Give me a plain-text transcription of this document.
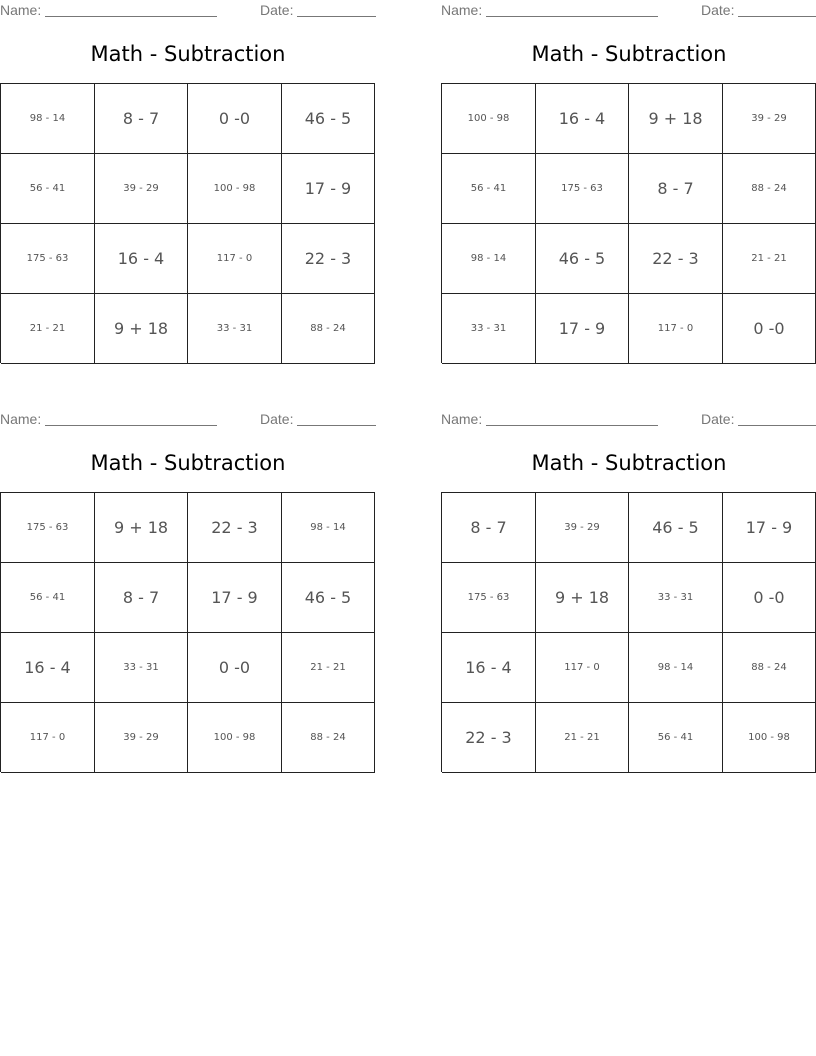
Name:	Date:
Math - Subtraction
98 - 14	8 - 7	0 -0	46 - 5
56 - 41	39 - 29	100 - 98	17 - 9
175 - 63	16 - 4	117 - 0	22 - 3
21 - 21	9 + 18	33 - 31	88 - 24
Name:	Date:
Math - Subtraction
100 - 98	16 - 4	9 + 18	39 - 29
56 - 41	175 - 63	8 - 7	88 - 24
98 - 14	46 - 5	22 - 3	21 - 21
33 - 31	17 - 9	117 - 0	0 -0
Name:	Date:
Math - Subtraction
175 - 63	9 + 18	22 - 3	98 - 14
56 - 41	8 - 7	17 - 9	46 - 5
16 - 4	33 - 31	0 -0	21 - 21
117 - 0	39 - 29	100 - 98	88 - 24
Name:	Date:
Math - Subtraction
8 - 7	39 - 29	46 - 5	17 - 9
175 - 63	9 + 18	33 - 31	0 -0
16 - 4	117 - 0	98 - 14	88 - 24
22 - 3	21 - 21	56 - 41	100 - 98
